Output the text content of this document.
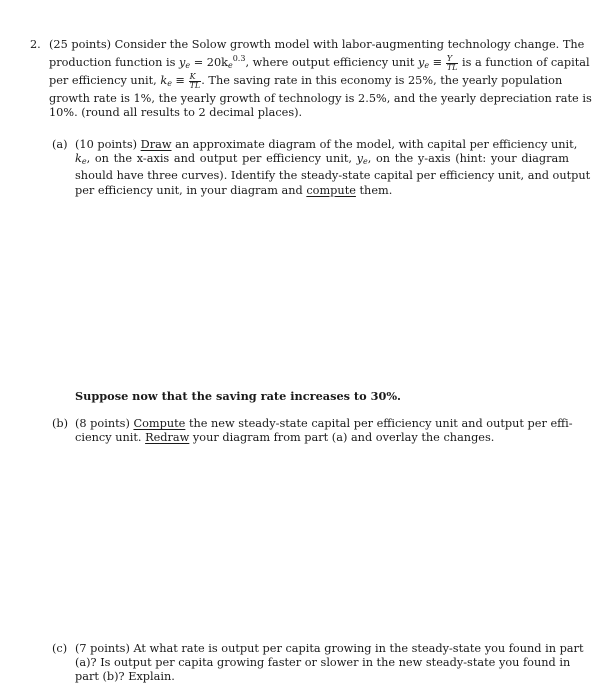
2. (25 points) Consider the Solow growth model with labor-augmenting technology change. The
production function is $y_e = 20k_e^{0.3}$, where output efficiency unit $y_e \equiv \frac{Y}{TL}$ is a function of capital
per efficiency unit, $k_e \equiv \frac{K}{TL}$ . The saving rate in this economy is 25%, the yearly population
growth rate is 1%, the yearly growth of technology is 2.5%, and the yearly depreciation rate is
10%. (round all results to 2 decimal places).
(a) (10 points) Draw an approximate diagram of the model, with capital per efficiency unit,
$k_e$, on the x-axis and output per efficiency unit, $y_e$, on the y-axis (hint: your diagram
should have three curves). Identify the steady-state capital per efficiency unit, and output
per efficiency unit, in your diagram and compute them.
Suppose now that the saving rate increases to 30%.
(b) (8 points) Compute the new steady-state capital per efficiency unit and output per effi-
ciency unit. Redraw your diagram from part (a) and overlay the changes.
(c) (7 points) At what rate is output per capita growing in the steady-state you found in part
(a)? Is output per capita growing faster or slower in the new steady-state you found in
part (b)? Explain.
